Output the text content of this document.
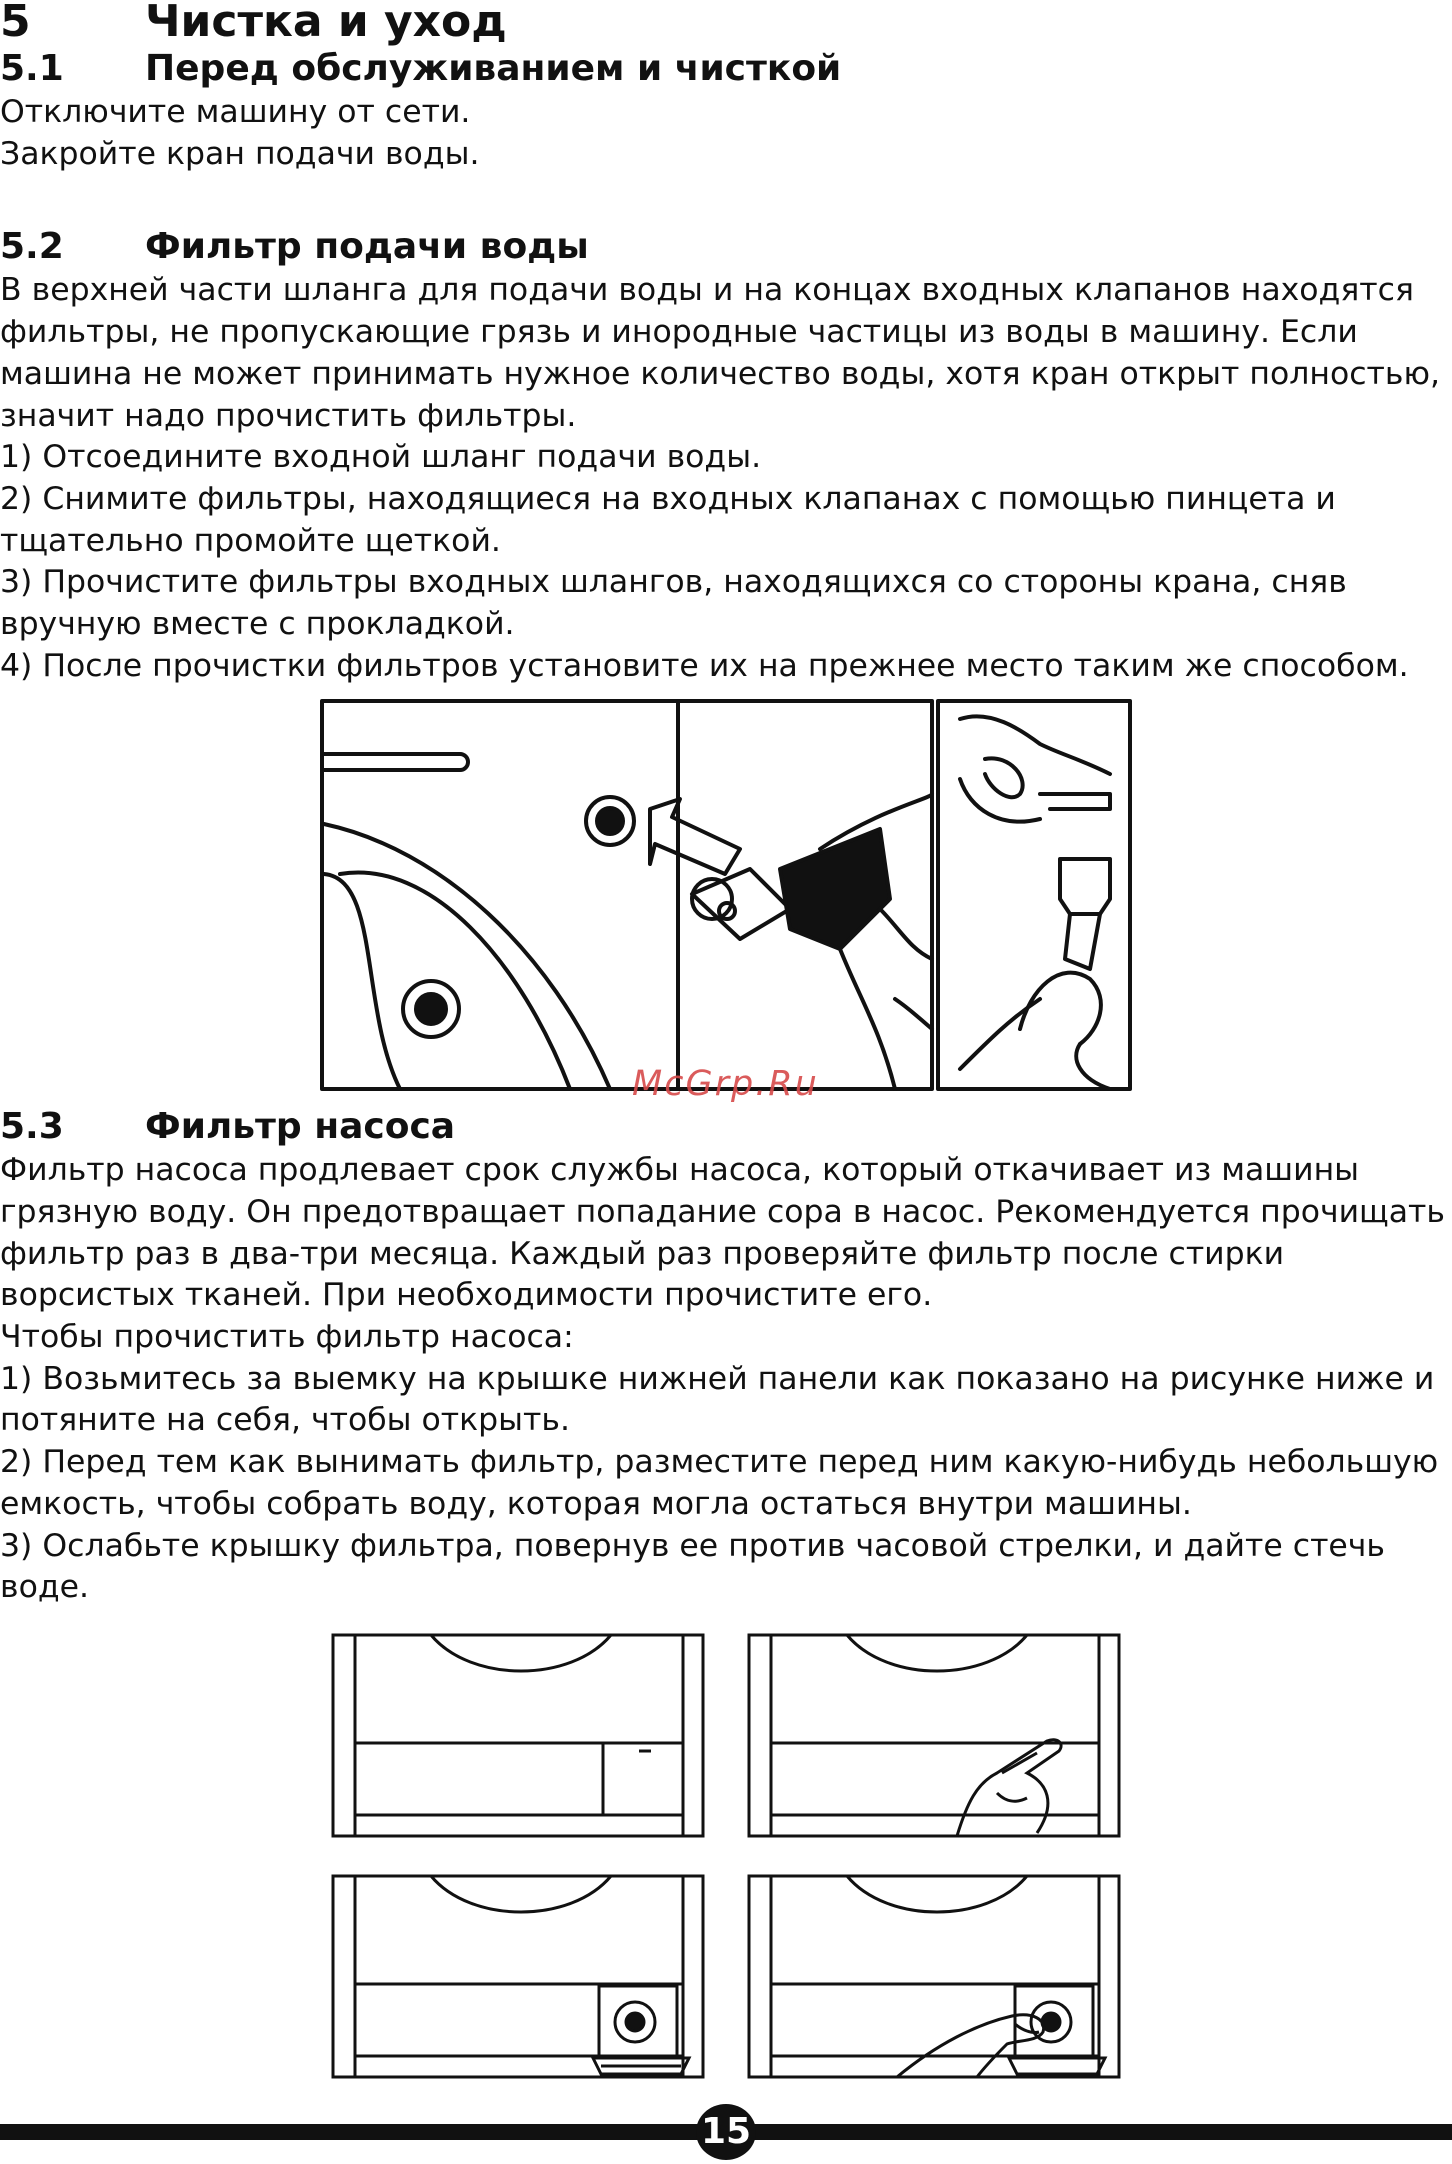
5	Чистка и уход
5.1 Перед обслуживанием и чисткой
Отключите машину от сети.
Закройте кран подачи воды.
5.2 Фильтр подачи воды
В верхней части шланга для подачи воды и на концах входных клапанов находятся
фильтры, не пропускающие грязь и инородные частицы из воды в машину. Если
машина не может принимать нужное количество воды, хотя кран открыт полностью,
значит надо прочистить фильтры.
1) Отсоедините входной шланг подачи воды.
2) Снимите фильтры, находящиеся на входных клапанах с помощью пинцета и
тщательно промойте щеткой.
3) Прочистите фильтры входных шлангов, находящихся со стороны крана, сняв
вручную вместе с прокладкой.
4) После прочистки фильтров установите их на прежнее место таким же способом.
McGrp.Ru
5.3 Фильтр насоса
Фильтр насоса продлевает срок службы насоса, который откачивает из машины
грязную воду. Он предотвращает попадание сора в насос. Рекомендуется прочищать
фильтр раз в два-три месяца. Каждый раз проверяйте фильтр после стирки
ворсистых тканей. При необходимости прочистите его.
Чтобы прочистить фильтр насоса:
1) Возьмитесь за выемку на крышке нижней панели как показано на рисунке ниже и
потяните на себя, чтобы открыть.
2) Перед тем как вынимать фильтр, разместите перед ним какую-нибудь небольшую
емкость, чтобы собрать воду, которая могла остаться внутри машины.
3) Ослабьте крышку фильтра, повернув ее против часовой стрелки, и дайте стечь
воде.
15
